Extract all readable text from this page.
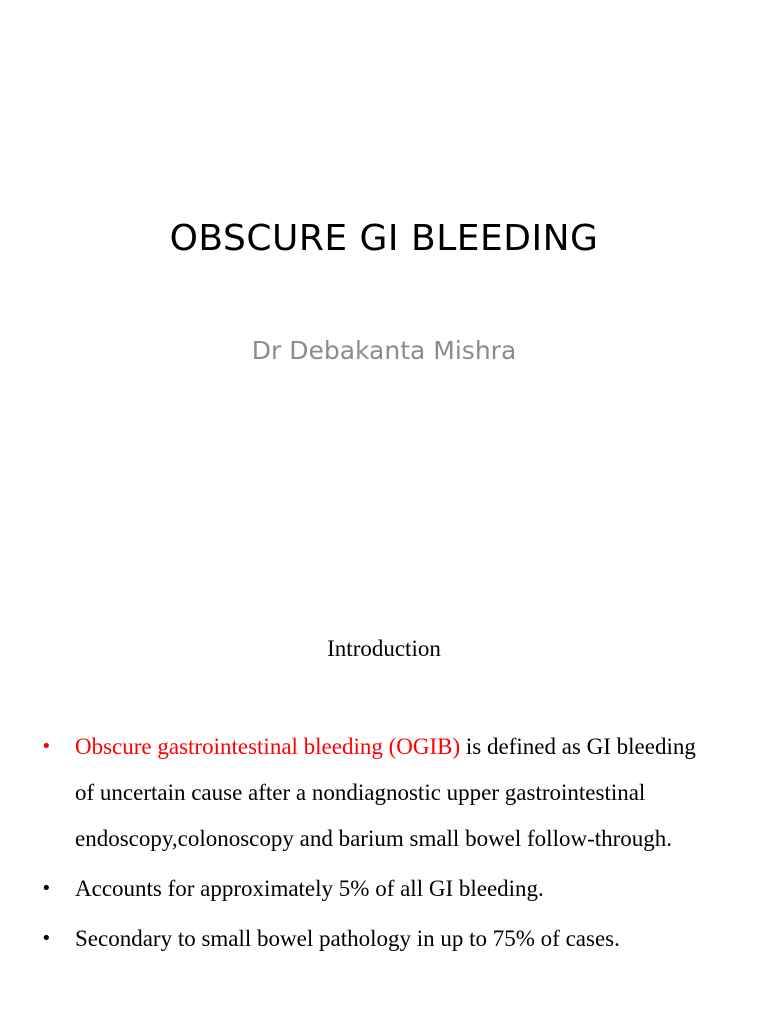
OBSCURE GI BLEEDING
Dr Debakanta Mishra
Introduction
• Obscure gastrointestinal bleeding (OGIB) is defined as GI bleeding of uncertain cause after a nondiagnostic upper gastrointestinal endoscopy,colonoscopy and barium small bowel follow-through.
• Accounts for approximately 5% of all GI bleeding.
• Secondary to small bowel pathology in up to 75% of cases.
